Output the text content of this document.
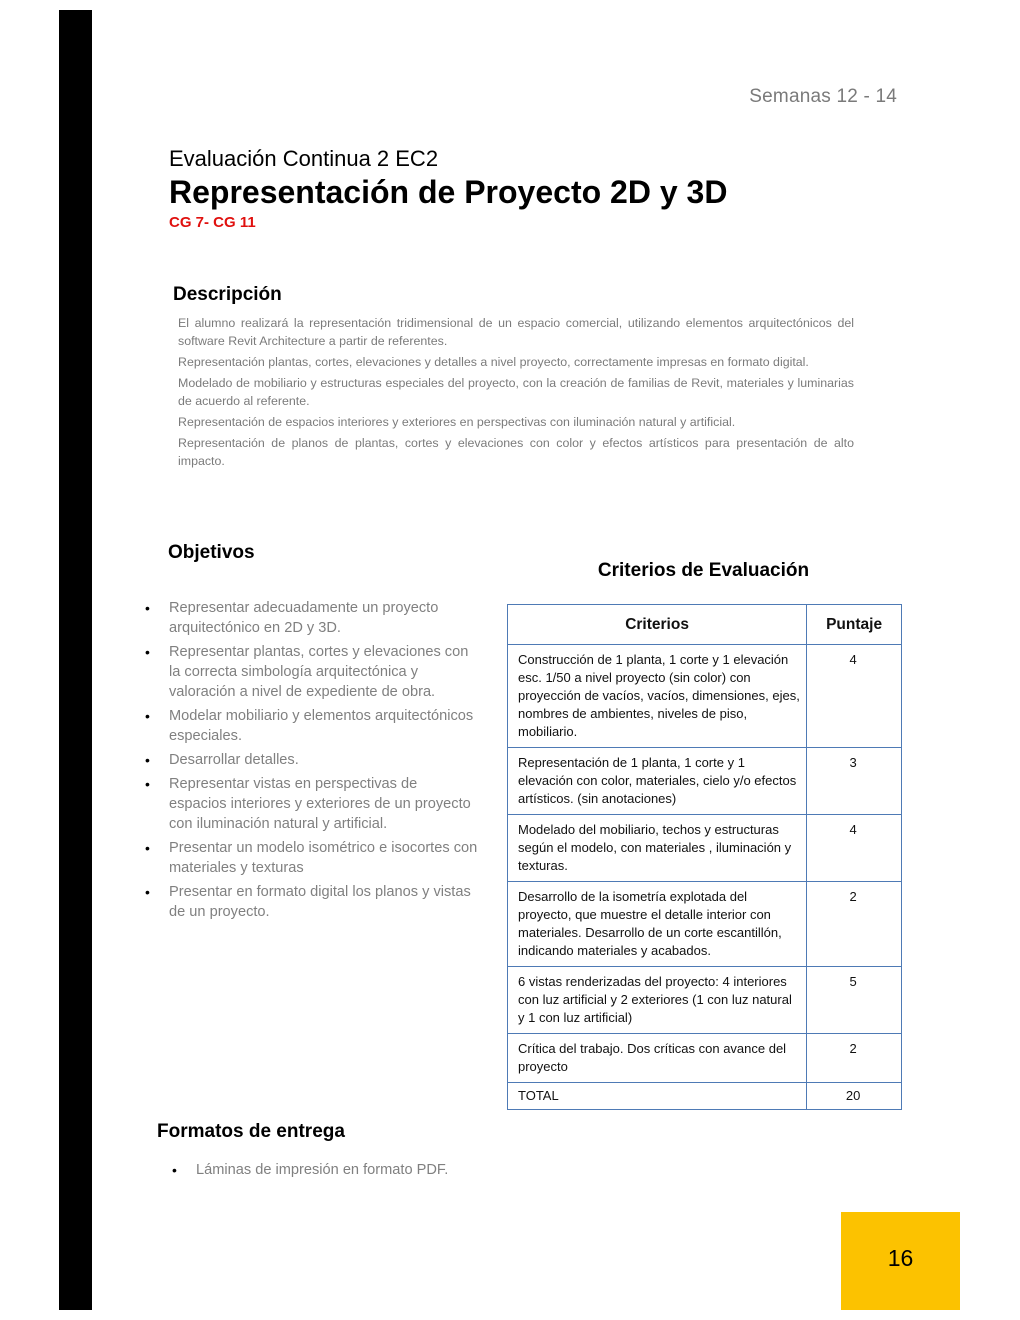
Semanas 12 - 14
Evaluación Continua 2 EC2
Representación de Proyecto 2D y 3D
CG 7- CG 11
Descripción

El alumno realizará la representación tridimensional de un espacio comercial, utilizando elementos arquitectónicos del software Revit Architecture a partir de referentes.

Representación plantas, cortes, elevaciones y detalles a nivel proyecto, correctamente impresas en formato digital.

Modelado de mobiliario y estructuras especiales del proyecto, con la creación de familias de Revit, materiales y luminarias de acuerdo al referente.

Representación de espacios interiores y exteriores en perspectivas con iluminación natural y artificial.

Representación de planos de plantas, cortes y elevaciones con color y efectos artísticos para presentación de alto impacto.

Objetivos
• Representar adecuadamente un proyecto arquitectónico en 2D y 3D.
• Representar plantas, cortes y elevaciones con la correcta simbología arquitectónica y valoración a nivel de expediente de obra.
• Modelar mobiliario y elementos arquitectónicos especiales.
• Desarrollar detalles.
• Representar vistas en perspectivas de espacios interiores y exteriores de un proyecto con iluminación natural y artificial.
• Presentar un modelo isométrico e isocortes con materiales y texturas
• Presentar en formato digital los planos y vistas de un proyecto.
Criterios de Evaluación
Criterios	Puntaje
Construcción de 1 planta, 1 corte y 1 elevación esc. 1/50 a nivel proyecto (sin color) con proyección de vacíos, vacíos, dimensiones, ejes, nombres de ambientes, niveles de piso, mobiliario.	4
Representación de 1 planta, 1 corte y 1 elevación con color, materiales, cielo y/o efectos artísticos. (sin anotaciones)	3
Modelado del mobiliario, techos y estructuras según el modelo, con materiales , iluminación y texturas.	4
Desarrollo de la isometría explotada del proyecto, que muestre el detalle interior con materiales. Desarrollo de un corte escantillón, indicando materiales y acabados.	2
6 vistas renderizadas del proyecto: 4 interiores con luz artificial y 2 exteriores (1 con luz natural y 1 con luz artificial)	5
Crítica del trabajo. Dos críticas con avance del proyecto	2
TOTAL	20
Formatos de entrega
• Láminas de impresión en formato PDF.
16
